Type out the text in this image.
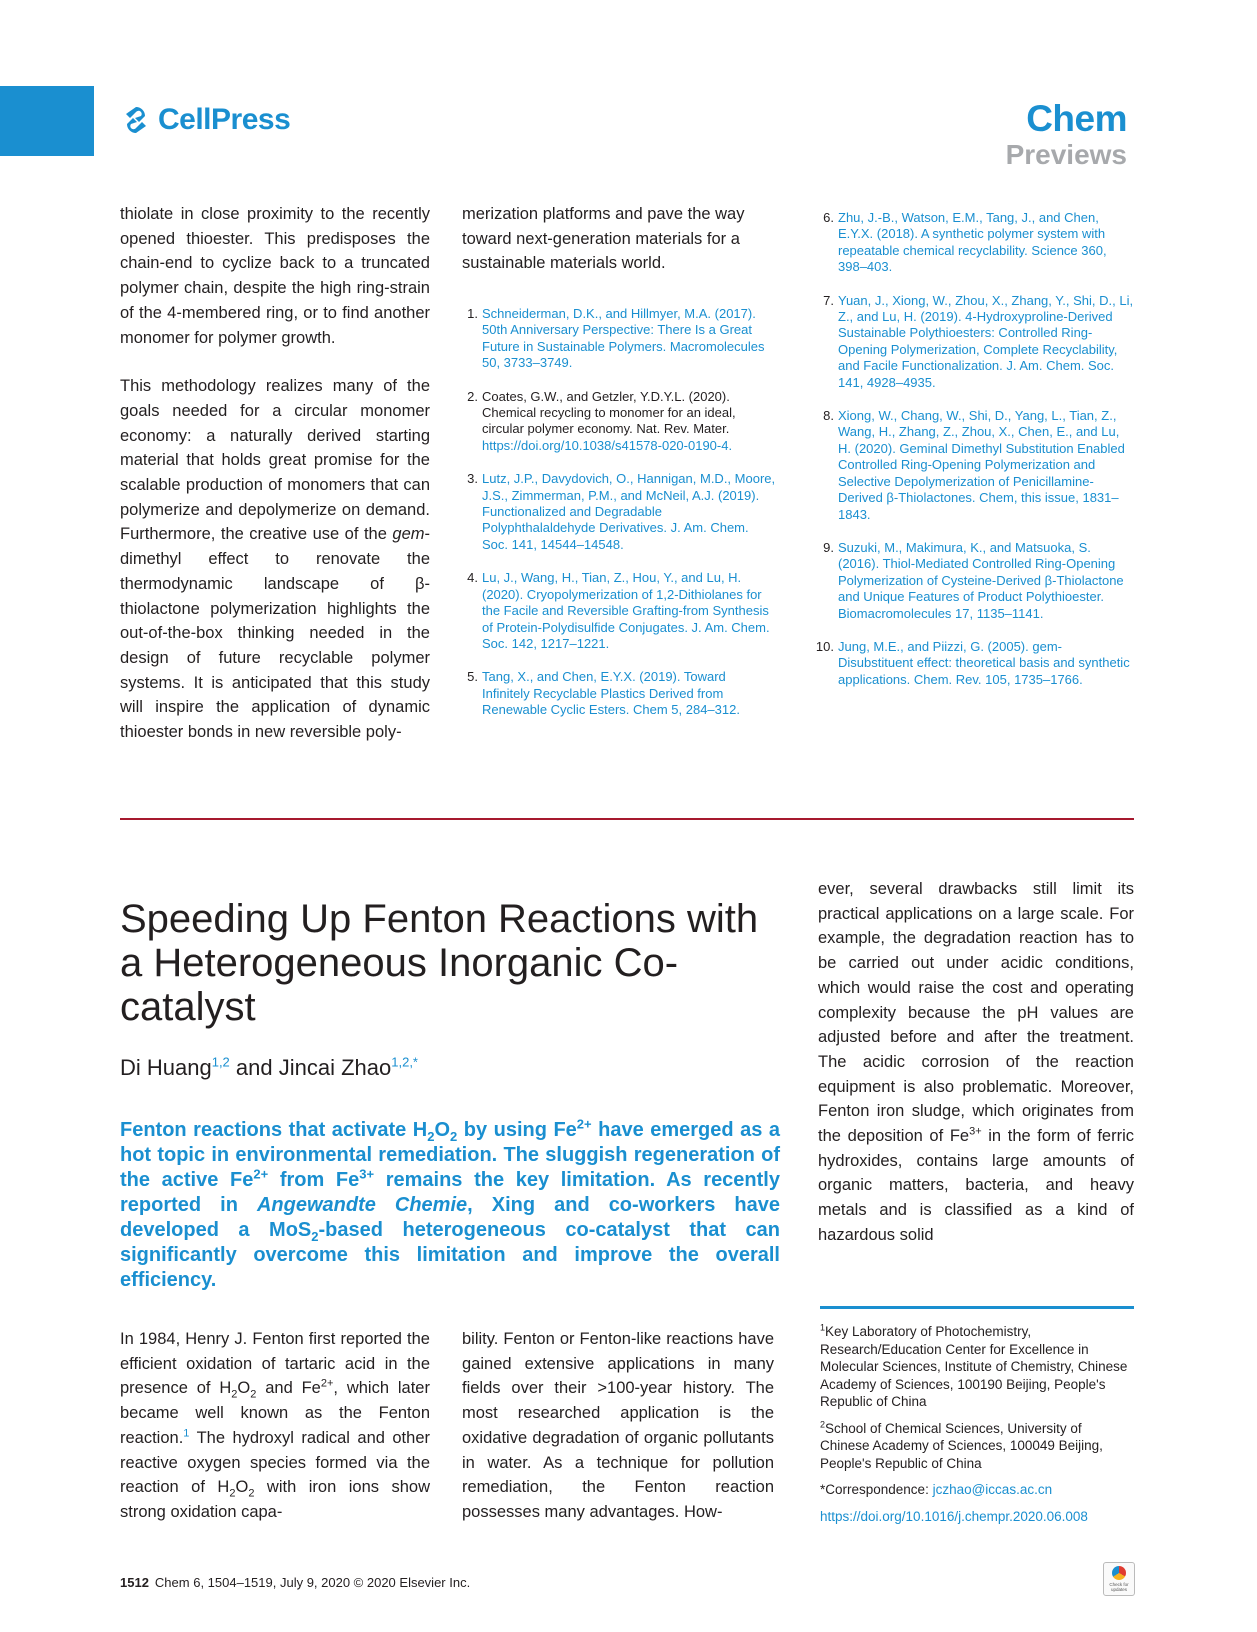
CellPress	Chem
Previews

thiolate in close proximity to the recently opened thioester. This predisposes the chain-end to cyclize back to a truncated polymer chain, despite the high ring-strain of the 4-membered ring, or to find another monomer for polymer growth.

This methodology realizes many of the goals needed for a circular monomer economy: a naturally derived starting material that holds great promise for the scalable production of monomers that can polymerize and depolymerize on demand. Furthermore, the creative use of the gem-dimethyl effect to renovate the thermodynamic landscape of β-thiolactone polymerization highlights the out-of-the-box thinking needed in the design of future recyclable polymer systems. It is anticipated that this study will inspire the application of dynamic thioester bonds in new reversible poly-

merization platforms and pave the way toward next-generation materials for a sustainable materials world.

1. Schneiderman, D.K., and Hillmyer, M.A. (2017). 50th Anniversary Perspective: There Is a Great Future in Sustainable Polymers. Macromolecules 50, 3733–3749.
2. Coates, G.W., and Getzler, Y.D.Y.L. (2020). Chemical recycling to monomer for an ideal, circular polymer economy. Nat. Rev. Mater. https://doi.org/10.1038/s41578-020-0190-4.
3. Lutz, J.P., Davydovich, O., Hannigan, M.D., Moore, J.S., Zimmerman, P.M., and McNeil, A.J. (2019). Functionalized and Degradable Polyphthalaldehyde Derivatives. J. Am. Chem. Soc. 141, 14544–14548.
4. Lu, J., Wang, H., Tian, Z., Hou, Y., and Lu, H. (2020). Cryopolymerization of 1,2-Dithiolanes for the Facile and Reversible Grafting-from Synthesis of Protein-Polydisulfide Conjugates. J. Am. Chem. Soc. 142, 1217–1221.
5. Tang, X., and Chen, E.Y.X. (2019). Toward Infinitely Recyclable Plastics Derived from Renewable Cyclic Esters. Chem 5, 284–312.
6. Zhu, J.-B., Watson, E.M., Tang, J., and Chen, E.Y.X. (2018). A synthetic polymer system with repeatable chemical recyclability. Science 360, 398–403.
7. Yuan, J., Xiong, W., Zhou, X., Zhang, Y., Shi, D., Li, Z., and Lu, H. (2019). 4-Hydroxyproline-Derived Sustainable Polythioesters: Controlled Ring-Opening Polymerization, Complete Recyclability, and Facile Functionalization. J. Am. Chem. Soc. 141, 4928–4935.
8. Xiong, W., Chang, W., Shi, D., Yang, L., Tian, Z., Wang, H., Zhang, Z., Zhou, X., Chen, E., and Lu, H. (2020). Geminal Dimethyl Substitution Enabled Controlled Ring-Opening Polymerization and Selective Depolymerization of Penicillamine-Derived β-Thiolactones. Chem, this issue, 1831–1843.
9. Suzuki, M., Makimura, K., and Matsuoka, S. (2016). Thiol-Mediated Controlled Ring-Opening Polymerization of Cysteine-Derived β-Thiolactone and Unique Features of Product Polythioester. Biomacromolecules 17, 1135–1141.
10. Jung, M.E., and Piizzi, G. (2005). gem-Disubstituent effect: theoretical basis and synthetic applications. Chem. Rev. 105, 1735–1766.
Speeding Up Fenton Reactions with a Heterogeneous Inorganic Co-catalyst
Di Huang$^{1,2}$ and Jincai Zhao$^{1,2,*}$
Fenton reactions that activate $H_2O_2$ by using $Fe^{2+}$ have emerged as a hot topic in environmental remediation. The sluggish regeneration of the active $Fe^{2+}$ from $Fe^{3+}$ remains the key limitation. As recently reported in Angewandte Chemie, Xing and co-workers have developed a MoS$_2$-based heterogeneous co-catalyst that can significantly overcome this limitation and improve the overall efficiency.

ever, several drawbacks still limit its practical applications on a large scale. For example, the degradation reaction has to be carried out under acidic conditions, which would raise the cost and operating complexity because the pH values are adjusted before and after the treatment. The acidic corrosion of the reaction equipment is also problematic. Moreover, Fenton iron sludge, which originates from the deposition of $Fe^{3+}$ in the form of ferric hydroxides, contains large amounts of organic matters, bacteria, and heavy metals and is classified as a kind of hazardous solid

In 1984, Henry J. Fenton first reported the efficient oxidation of tartaric acid in the presence of $H_2O_2$ and $Fe^{2+}$, which later became well known as the Fenton reaction.$^1$ The hydroxyl radical and other reactive oxygen species formed via the reaction of $H_2O_2$ with iron ions show strong oxidation capa-

bility. Fenton or Fenton-like reactions have gained extensive applications in many fields over their >100-year history. The most researched application is the oxidative degradation of organic pollutants in water. As a technique for pollution remediation, the Fenton reaction possesses many advantages. How-

$^1$Key Laboratory of Photochemistry, Research/Education Center for Excellence in Molecular Sciences, Institute of Chemistry, Chinese Academy of Sciences, 100190 Beijing, People's Republic of China

$^2$School of Chemical Sciences, University of Chinese Academy of Sciences, 100049 Beijing, People's Republic of China

*Correspondence: jczhao@iccas.ac.cn

https://doi.org/10.1016/j.chempr.2020.06.008

1512 Chem 6, 1504–1519, July 9, 2020 © 2020 Elsevier Inc.	Check for updates
